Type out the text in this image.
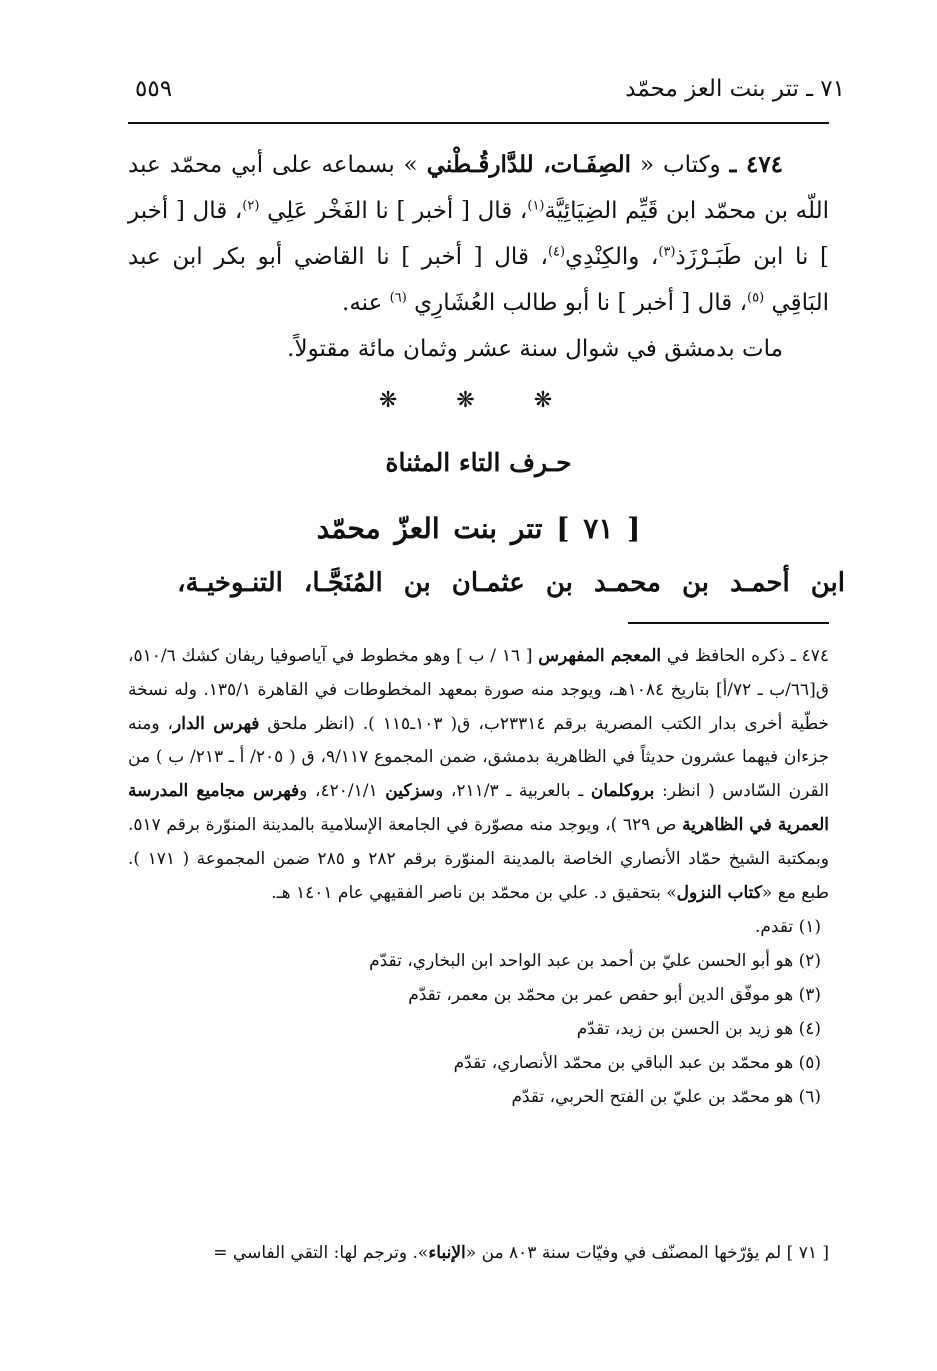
٧١ ـ تتر بنت العز محمّد
٥٥٩

٤٧٤ ـ وكتاب « الصِفَـات، للدَّارقُـطْني » بسماعه على أبي محمّد عبد اللّه بن محمّد ابن قَيِّم الضِيَائِيَّة$^{(١)}$، قال [ أخبر ] نا الفَخْر عَلِي $^{(٢)}$، قال [ أخبر ] نا ابن طَبَـرْزَذ$^{(٣)}$، والكِنْدِي$^{(٤)}$، قال [ أخبر ] نا القاضي أبو بكر ابن عبد البَاقِي $^{(٥)}$، قال [ أخبر ] نا أبو طالب العُشَارِي $^{(٦)}$ عنه.

مات بدمشق في شوال سنة عشر وثمان مائة مقتولاً.

❋ ❋ ❋
حـرف التاء المثناة
[ ٧١ ] تتر بنت العزّ محمّد
ابن أحمـد بن محمـد بن عثمـان بن المُنَجَّـا، التنـوخيـة،

٤٧٤ ـ ذكره الحافظ في المعجم المفهرس [ ١٦ / ب ] وهو مخطوط في آياصوفيا ريفان كشك ٥١٠/٦، ق[٦٦/ب ـ ٧٢/أ] بتاريخ ١٠٨٤هـ، ويوجد منه صورة بمعهد المخطوطات في القاهرة ١٣٥/١. وله نسخة خطّية أخرى بدار الكتب المصرية برقم ٢٣٣١٤ب، ق( ١٠٣ـ١١٥ ). (انظر ملحق فهرس الدار، ومنه جزءان فيهما عشرون حديثاً في الظاهرية بدمشق، ضمن المجموع ٩/١١٧، ق ( ٢٠٥/ أ ـ ٢١٣/ ب ) من القرن السّادس ( انظر: بروكلمان ـ بالعربية ـ ٢١١/٣، وسزكين ٤٢٠/١/١، وفهرس مجاميع المدرسة العمرية في الظاهرية ص ٦٢٩ )، ويوجد منه مصوّرة في الجامعة الإسلامية بالمدينة المنوّرة برقم ٥١٧. وبمكتبة الشيخ حمّاد الأنصاري الخاصة بالمدينة المنوّرة برقم ٢٨٢ و ٢٨٥ ضمن المجموعة ( ١٧١ ). طبع مع «كتاب النزول» بتحقيق د. علي بن محمّد بن ناصر الفقيهي عام ١٤٠١ هـ.

(١) تقدم.

(٢) هو أبو الحسن عليّ بن أحمد بن عبد الواحد ابن البخاري، تقدّم

(٣) هو موفّق الدين أبو حفص عمر بن محمّد بن معمر، تقدّم

(٤) هو زيد بن الحسن بن زيد، تقدّم

(٥) هو محمّد بن عبد الباقي بن محمّد الأنصاري، تقدّم

(٦) هو محمّد بن عليّ بن الفتح الحربي، تقدّم

[ ٧١ ] لم يؤرّخها المصنّف في وفيّات سنة ٨٠٣ من «الإنباء». وترجم لها: التقي الفاسي =
